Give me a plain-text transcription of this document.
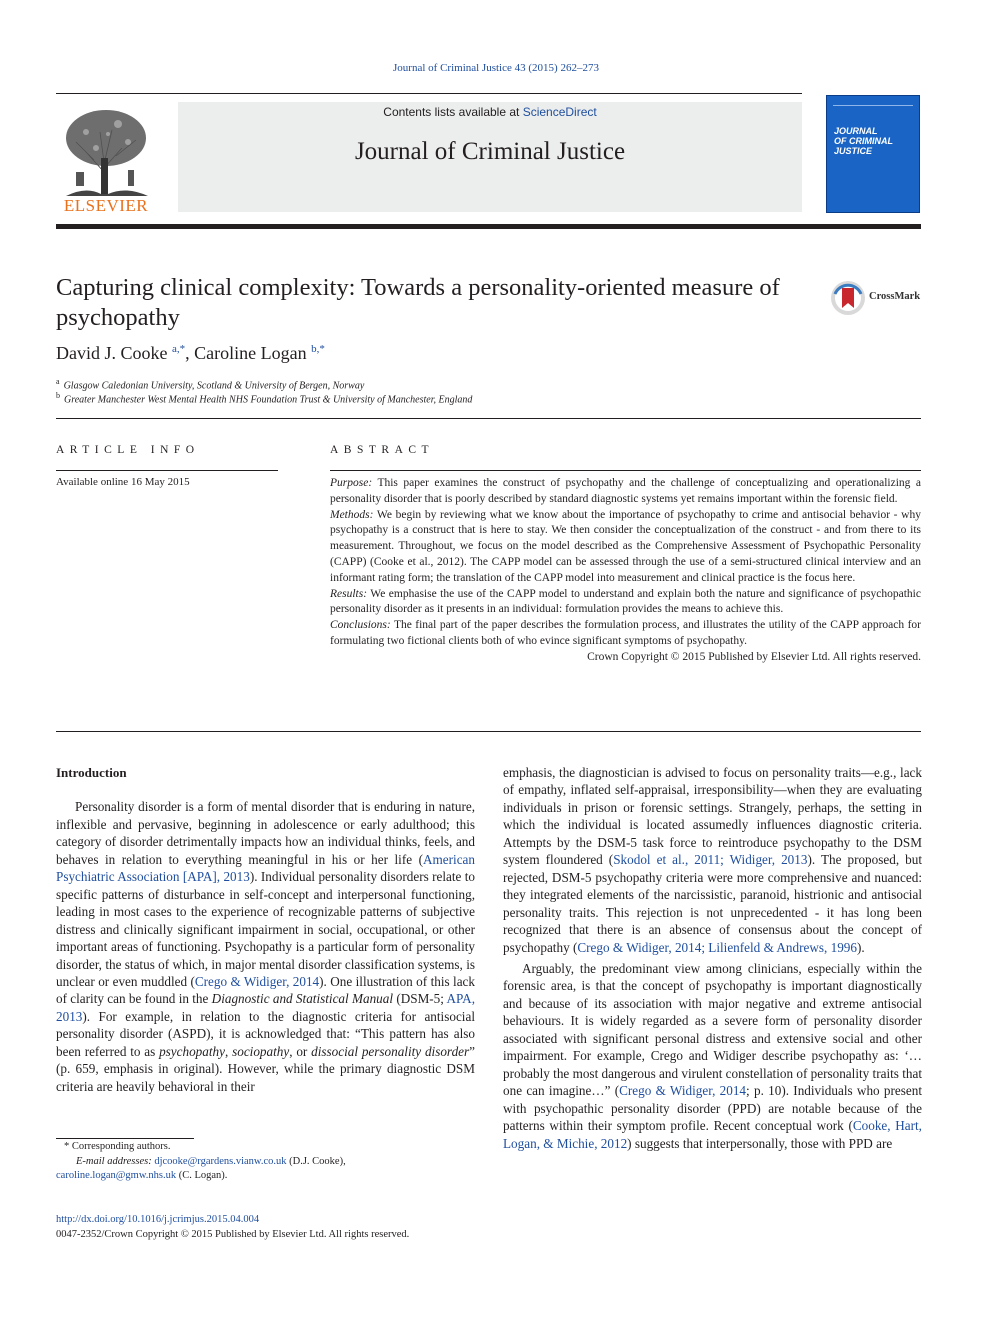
Journal of Criminal Justice 43 (2015) 262–273
ELSEVIER
Contents lists available at ScienceDirect
Journal of Criminal Justice
JOURNAL
OF CRIMINAL
JUSTICE
Capturing clinical complexity: Towards a personality-oriented measure of psychopathy
CrossMark
David J. Cooke $^{a,*}$, Caroline Logan $^{b,*}$
$^a$ Glasgow Caledonian University, Scotland & University of Bergen, Norway
$^b$ Greater Manchester West Mental Health NHS Foundation Trust & University of Manchester, England
ARTICLE INFO
Available online 16 May 2015
ABSTRACT

Purpose: This paper examines the construct of psychopathy and the challenge of conceptualizing and operationalizing a personality disorder that is poorly described by standard diagnostic systems yet remains important within the forensic field.

Methods: We begin by reviewing what we know about the importance of psychopathy to crime and antisocial behavior - why psychopathy is a construct that is here to stay. We then consider the conceptualization of the construct - and from there to its measurement. Throughout, we focus on the model described as the Comprehensive Assessment of Psychopathic Personality (CAPP) (Cooke et al., 2012). The CAPP model can be assessed through the use of a semi-structured clinical interview and an informant rating form; the translation of the CAPP model into measurement and clinical practice is the focus here.

Results: We emphasise the use of the CAPP model to understand and explain both the nature and significance of psychopathic personality disorder as it presents in an individual: formulation provides the means to achieve this.

Conclusions: The final part of the paper describes the formulation process, and illustrates the utility of the CAPP approach for formulating two fictional clients both of who evince significant symptoms of psychopathy.

Crown Copyright © 2015 Published by Elsevier Ltd. All rights reserved.

Introduction

Personality disorder is a form of mental disorder that is enduring in nature, inflexible and pervasive, beginning in adolescence or early adulthood; this category of disorder detrimentally impacts how an individual thinks, feels, and behaves in relation to everything meaningful in his or her life (American Psychiatric Association [APA], 2013). Individual personality disorders relate to specific patterns of disturbance in self-concept and interpersonal functioning, leading in most cases to the experience of recognizable patterns of subjective distress and clinically significant impairment in social, occupational, or other important areas of functioning. Psychopathy is a particular form of personality disorder, the status of which, in major mental disorder classification systems, is unclear or even muddled (Crego & Widiger, 2014). One illustration of this lack of clarity can be found in the Diagnostic and Statistical Manual (DSM-5; APA, 2013). For example, in relation to the diagnostic criteria for antisocial personality disorder (ASPD), it is acknowledged that: “This pattern has also been referred to as psychopathy, sociopathy, or dissocial personality disorder” (p. 659, emphasis in original). However, while the primary diagnostic DSM criteria are heavily behavioral in their

emphasis, the diagnostician is advised to focus on personality traits—e.g., lack of empathy, inflated self-appraisal, irresponsibility—when they are evaluating individuals in prison or forensic settings. Strangely, perhaps, the setting in which the individual is located assumedly influences diagnostic criteria. Attempts by the DSM-5 task force to reintroduce psychopathy to the DSM system floundered (Skodol et al., 2011; Widiger, 2013). The proposed, but rejected, DSM-5 psychopathy criteria were more comprehensive and nuanced: they integrated elements of the narcissistic, paranoid, histrionic and antisocial personality traits. This rejection is not unprecedented - it has long been recognized that there is an absence of consensus about the concept of psychopathy (Crego & Widiger, 2014; Lilienfeld & Andrews, 1996).

Arguably, the predominant view among clinicians, especially within the forensic area, is that the concept of psychopathy is important diagnostically and because of its association with major negative and extreme antisocial behaviours. It is widely regarded as a severe form of personality disorder associated with significant personal distress and extensive social and other impairment. For example, Crego and Widiger describe psychopathy as: ‘…probably the most dangerous and virulent constellation of personality traits that one can imagine…” (Crego & Widiger, 2014; p. 10). Individuals who present with psychopathic personality disorder (PPD) are notable because of the patterns within their symptom profile. Recent conceptual work (Cooke, Hart, Logan, & Michie, 2012) suggests that interpersonally, those with PPD are

* Corresponding authors.

E-mail addresses: djcooke@rgardens.vianw.co.uk (D.J. Cooke),

caroline.logan@gmw.nhs.uk (C. Logan).

http://dx.doi.org/10.1016/j.jcrimjus.2015.04.004
0047-2352/Crown Copyright © 2015 Published by Elsevier Ltd. All rights reserved.
